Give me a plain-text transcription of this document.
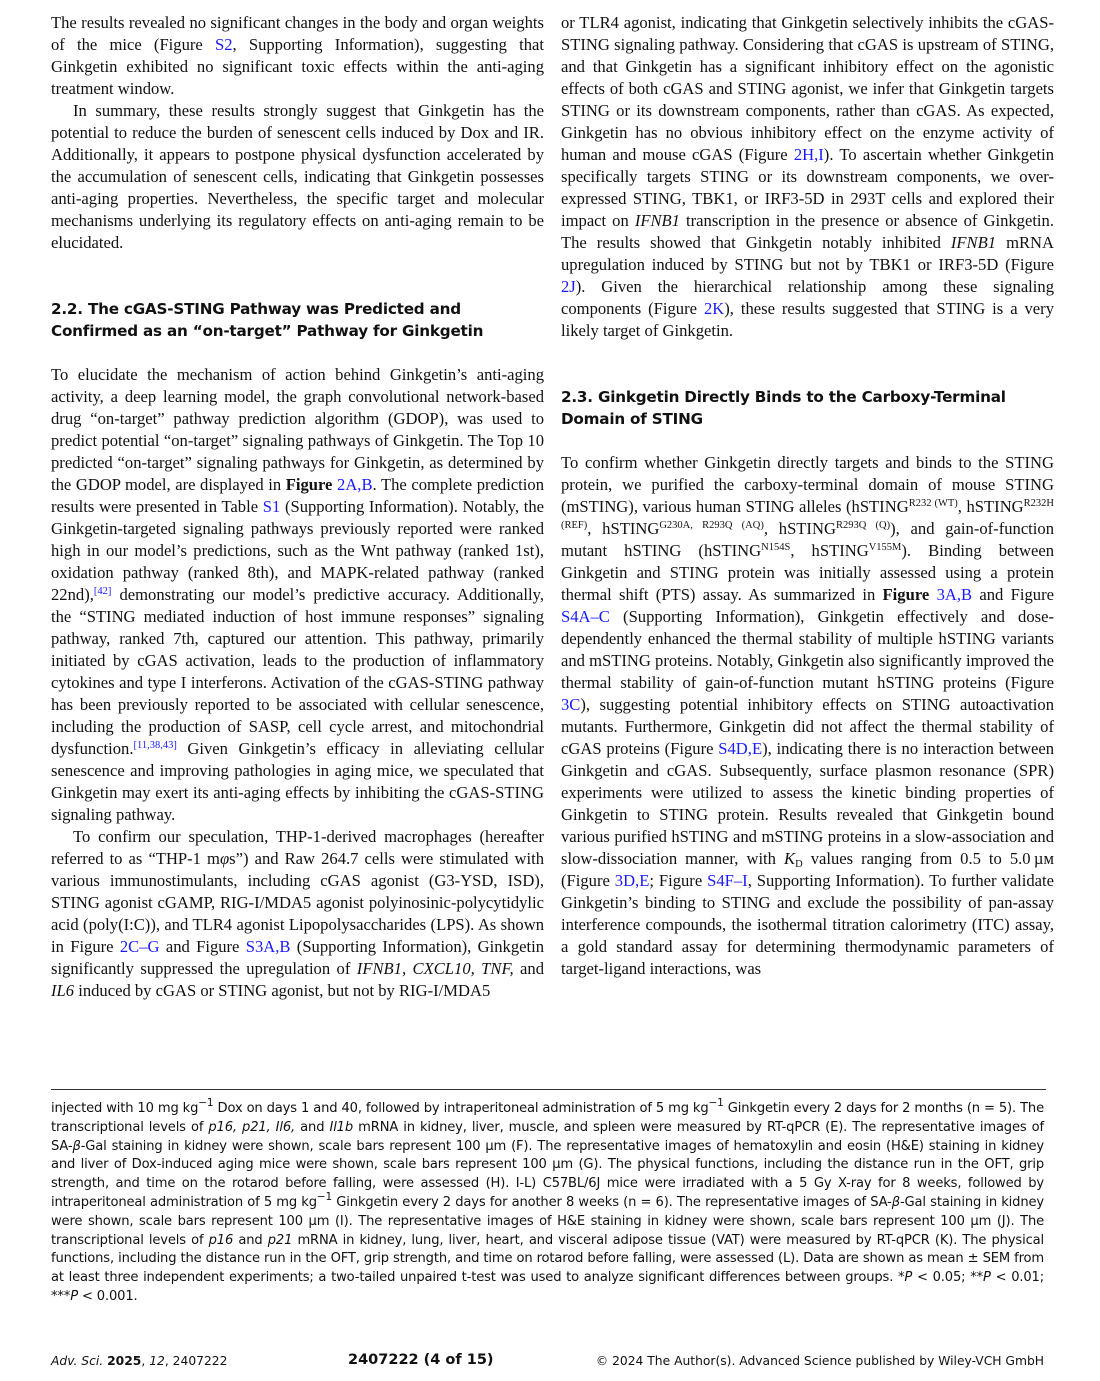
The results revealed no significant changes in the body and organ weights of the mice (Figure S2, Supporting Information), suggesting that Ginkgetin exhibited no significant toxic effects within the anti-aging treatment window.

In summary, these results strongly suggest that Ginkgetin has the potential to reduce the burden of senescent cells induced by Dox and IR. Additionally, it appears to postpone physical dysfunction accelerated by the accumulation of senescent cells, indicating that Ginkgetin possesses anti-aging properties. Nevertheless, the specific target and molecular mechanisms underlying its regulatory effects on anti-aging remain to be elucidated.

2.2. The cGAS-STING Pathway was Predicted and Confirmed as an “on-target” Pathway for Ginkgetin

To elucidate the mechanism of action behind Ginkgetin’s anti-aging activity, a deep learning model, the graph convolutional network-based drug “on-target” pathway prediction algorithm (GDOP), was used to predict potential “on-target” signaling pathways of Ginkgetin. The Top 10 predicted “on-target” signaling pathways for Ginkgetin, as determined by the GDOP model, are displayed in Figure 2A,B. The complete prediction results were presented in Table S1 (Supporting Information). Notably, the Ginkgetin-targeted signaling pathways previously reported were ranked high in our model’s predictions, such as the Wnt pathway (ranked 1st), oxidation pathway (ranked 8th), and MAPK-related pathway (ranked 22nd),[42] demonstrating our model’s predictive accuracy. Additionally, the “STING mediated induction of host immune responses” signaling pathway, ranked 7th, captured our attention. This pathway, primarily initiated by cGAS activation, leads to the production of inflammatory cytokines and type I interferons. Activation of the cGAS-STING pathway has been previously reported to be associated with cellular senescence, including the production of SASP, cell cycle arrest, and mitochondrial dysfunction.[11,38,43] Given Ginkgetin’s efficacy in alleviating cellular senescence and improving pathologies in aging mice, we speculated that Ginkgetin may exert its anti-aging effects by inhibiting the cGAS-STING signaling pathway.

To confirm our speculation, THP-1-derived macrophages (hereafter referred to as “THP-1 mφs”) and Raw 264.7 cells were stimulated with various immunostimulants, including cGAS agonist (G3-YSD, ISD), STING agonist cGAMP, RIG-I/MDA5 agonist polyinosinic-polycytidylic acid (poly(I:C)), and TLR4 agonist Lipopolysaccharides (LPS). As shown in Figure 2C–G and Figure S3A,B (Supporting Information), Ginkgetin significantly suppressed the upregulation of IFNB1, CXCL10, TNF, and IL6 induced by cGAS or STING agonist, but not by RIG-I/MDA5

or TLR4 agonist, indicating that Ginkgetin selectively inhibits the cGAS-STING signaling pathway. Considering that cGAS is upstream of STING, and that Ginkgetin has a significant inhibitory effect on the agonistic effects of both cGAS and STING agonist, we infer that Ginkgetin targets STING or its downstream components, rather than cGAS. As expected, Ginkgetin has no obvious inhibitory effect on the enzyme activity of human and mouse cGAS (Figure 2H,I). To ascertain whether Ginkgetin specifically targets STING or its downstream components, we over-expressed STING, TBK1, or IRF3-5D in 293T cells and explored their impact on IFNB1 transcription in the presence or absence of Ginkgetin. The results showed that Ginkgetin notably inhibited IFNB1 mRNA upregulation induced by STING but not by TBK1 or IRF3-5D (Figure 2J). Given the hierarchical relationship among these signaling components (Figure 2K), these results suggested that STING is a very likely target of Ginkgetin.

2.3. Ginkgetin Directly Binds to the Carboxy-Terminal Domain of STING

To confirm whether Ginkgetin directly targets and binds to the STING protein, we purified the carboxy-terminal domain of mouse STING (mSTING), various human STING alleles (hSTING$^{R232 (WT)}$, hSTING$^{R232H (REF)}$, hSTING$^{G230A, R293Q (AQ)}$, hSTING$^{R293Q (Q)}$), and gain-of-function mutant hSTING (hSTING$^{N154S}$, hSTING$^{V155M}$). Binding between Ginkgetin and STING protein was initially assessed using a protein thermal shift (PTS) assay. As summarized in Figure 3A,B and Figure S4A–C (Supporting Information), Ginkgetin effectively and dose-dependently enhanced the thermal stability of multiple hSTING variants and mSTING proteins. Notably, Ginkgetin also significantly improved the thermal stability of gain-of-function mutant hSTING proteins (Figure 3C), suggesting potential inhibitory effects on STING autoactivation mutants. Furthermore, Ginkgetin did not affect the thermal stability of cGAS proteins (Figure S4D,E), indicating there is no interaction between Ginkgetin and cGAS. Subsequently, surface plasmon resonance (SPR) experiments were utilized to assess the kinetic binding properties of Ginkgetin to STING protein. Results revealed that Ginkgetin bound various purified hSTING and mSTING proteins in a slow-association and slow-dissociation manner, with $K_D$ values ranging from 0.5 to 5.0 µм (Figure 3D,E; Figure S4F–I, Supporting Information). To further validate Ginkgetin’s binding to STING and exclude the possibility of pan-assay interference compounds, the isothermal titration calorimetry (ITC) assay, a gold standard assay for determining thermodynamic parameters of target-ligand interactions, was

injected with 10 mg $kg^{-1}$ Dox on days 1 and 40, followed by intraperitoneal administration of 5 mg $kg^{-1}$ Ginkgetin every 2 days for 2 months (n = 5). The transcriptional levels of p16, p21, Il6, and Il1b mRNA in kidney, liver, muscle, and spleen were measured by RT-qPCR (E). The representative images of SA-β-Gal staining in kidney were shown, scale bars represent 100 µm (F). The representative images of hematoxylin and eosin (H&E) staining in kidney and liver of Dox-induced aging mice were shown, scale bars represent 100 µm (G). The physical functions, including the distance run in the OFT, grip strength, and time on the rotarod before falling, were assessed (H). I-L) C57BL/6J mice were irradiated with a 5 Gy X-ray for 8 weeks, followed by intraperitoneal administration of 5 mg $kg^{-1}$ Ginkgetin every 2 days for another 8 weeks (n = 6). The representative images of SA-β-Gal staining in kidney were shown, scale bars represent 100 µm (I). The representative images of H&E staining in kidney were shown, scale bars represent 100 µm (J). The transcriptional levels of p16 and p21 mRNA in kidney, lung, liver, heart, and visceral adipose tissue (VAT) were measured by RT-qPCR (K). The physical functions, including the distance run in the OFT, grip strength, and time on rotarod before falling, were assessed (L). Data are shown as mean ± SEM from at least three independent experiments; a two-tailed unpaired t-test was used to analyze significant differences between groups. *P < 0.05; **P < 0.01; ***P < 0.001.

Adv. Sci. 2025, 12, 2407222	2407222 (4 of 15)	© 2024 The Author(s). Advanced Science published by Wiley-VCH GmbH
